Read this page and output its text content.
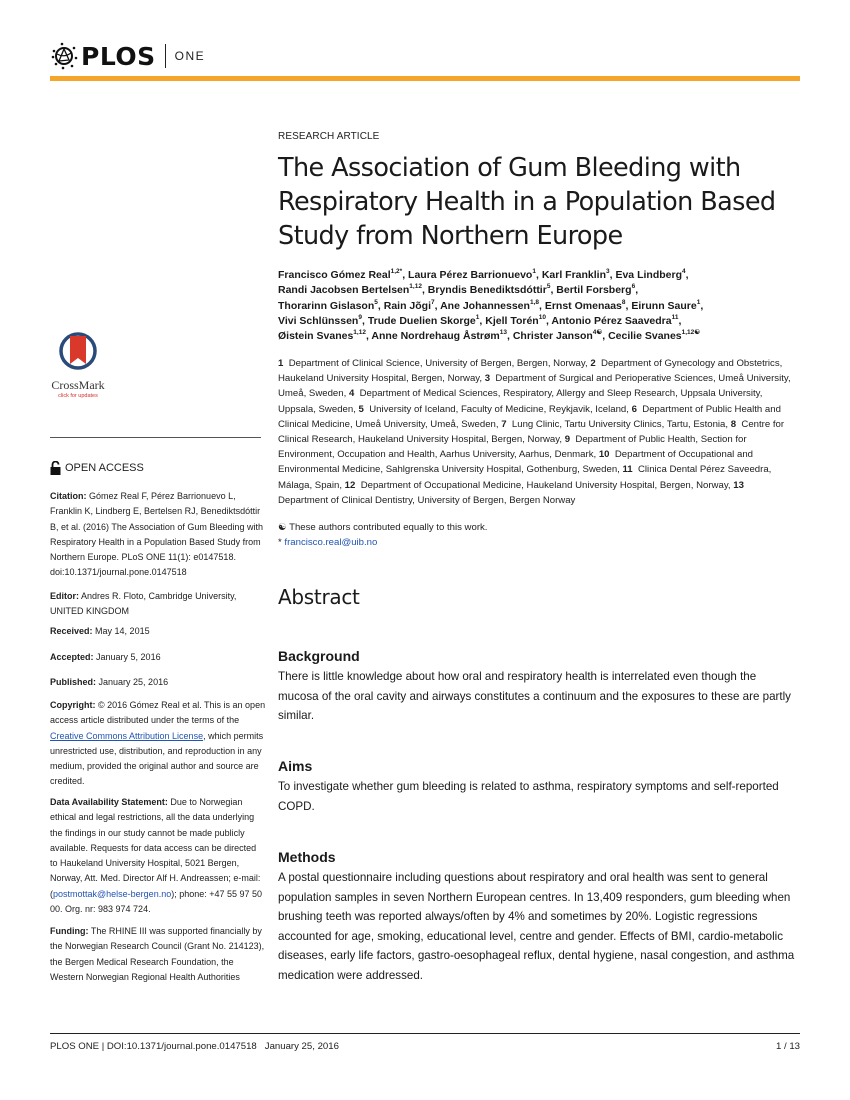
PLOS ONE
CrossMark
click for updates
OPEN ACCESS
Citation: Gómez Real F, Pérez Barrionuevo L, Franklin K, Lindberg E, Bertelsen RJ, Benediktsdóttir B, et al. (2016) The Association of Gum Bleeding with Respiratory Health in a Population Based Study from Northern Europe. PLoS ONE 11(1): e0147518. doi:10.1371/journal.pone.0147518
Editor: Andres R. Floto, Cambridge University, UNITED KINGDOM
Received: May 14, 2015
Accepted: January 5, 2016
Published: January 25, 2016
Copyright: © 2016 Gómez Real et al. This is an open access article distributed under the terms of the Creative Commons Attribution License, which permits unrestricted use, distribution, and reproduction in any medium, provided the original author and source are credited.
Data Availability Statement: Due to Norwegian ethical and legal restrictions, all the data underlying the findings in our study cannot be made publicly available. Requests for data access can be directed to Haukeland University Hospital, 5021 Bergen, Norway, Att. Med. Director Alf H. Andreassen; e-mail: (postmottak@helse-bergen.no); phone: +47 55 97 50 00. Org. nr: 983 974 724.
Funding: The RHINE III was supported financially by the Norwegian Research Council (Grant No. 214123), the Bergen Medical Research Foundation, the Western Norwegian Regional Health Authorities
RESEARCH ARTICLE
The Association of Gum Bleeding with
Respiratory Health in a Population Based
Study from Northern Europe
Francisco Gómez Real$^{1,2*}$, Laura Pérez Barrionuevo$^1$, Karl Franklin$^3$, Eva Lindberg$^4$,
Randi Jacobsen Bertelsen$^{1,12}$, Bryndis Benediktsdóttir$^5$, Bertil Forsberg$^6$,
Thorarinn Gislason$^5$, Rain Jõgi$^7$, Ane Johannessen$^{1,8}$, Ernst Omenaas$^8$, Eirunn Saure$^1$,
Vivi Schlünssen$^9$, Trude Duelien Skorge$^1$, Kjell Torén$^{10}$, Antonio Pérez Saavedra$^{11}$,
Øistein Svanes$^{1,12}$, Anne Nordrehaug Åstrøm$^{13}$, Christer Janson$^{4☯}$, Cecilie Svanes$^{1,12☯}$
1 Department of Clinical Science, University of Bergen, Bergen, Norway, 2 Department of Gynecology and Obstetrics, Haukeland University Hospital, Bergen, Norway, 3 Department of Surgical and Perioperative Sciences, Umeå University, Umeå, Sweden, 4 Department of Medical Sciences, Respiratory, Allergy and Sleep Research, Uppsala University, Uppsala, Sweden, 5 University of Iceland, Faculty of Medicine, Reykjavik, Iceland, 6 Department of Public Health and Clinical Medicine, Umeå University, Umeå, Sweden, 7 Lung Clinic, Tartu University Clinics, Tartu, Estonia, 8 Centre for Clinical Research, Haukeland University Hospital, Bergen, Norway, 9 Department of Public Health, Section for Environment, Occupation and Health, Aarhus University, Aarhus, Denmark, 10 Department of Occupational and Environmental Medicine, Sahlgrenska University Hospital, Gothenburg, Sweden, 11 Clinica Dental Pérez Saveedra, Málaga, Spain, 12 Department of Occupational Medicine, Haukeland University Hospital, Bergen, Norway, 13  Department of Clinical Dentistry, University of Bergen, Bergen Norway
☯ These authors contributed equally to this work.
* francisco.real@uib.no
Abstract
Background
There is little knowledge about how oral and respiratory health is interrelated even though the mucosa of the oral cavity and airways constitutes a continuum and the exposures to these are partly similar.
Aims
To investigate whether gum bleeding is related to asthma, respiratory symptoms and self-reported COPD.
Methods
A postal questionnaire including questions about respiratory and oral health was sent to general population samples in seven Northern European centres. In 13,409 responders, gum bleeding when brushing teeth was reported always/often by 4% and sometimes by 20%. Logistic regressions accounted for age, smoking, educational level, centre and gender. Effects of BMI, cardio-metabolic diseases, early life factors, gastro-oesophageal reflux, dental hygiene, nasal congestion, and asthma medication were addressed.
PLOS ONE | DOI:10.1371/journal.pone.0147518 January 25, 2016	1 / 13
